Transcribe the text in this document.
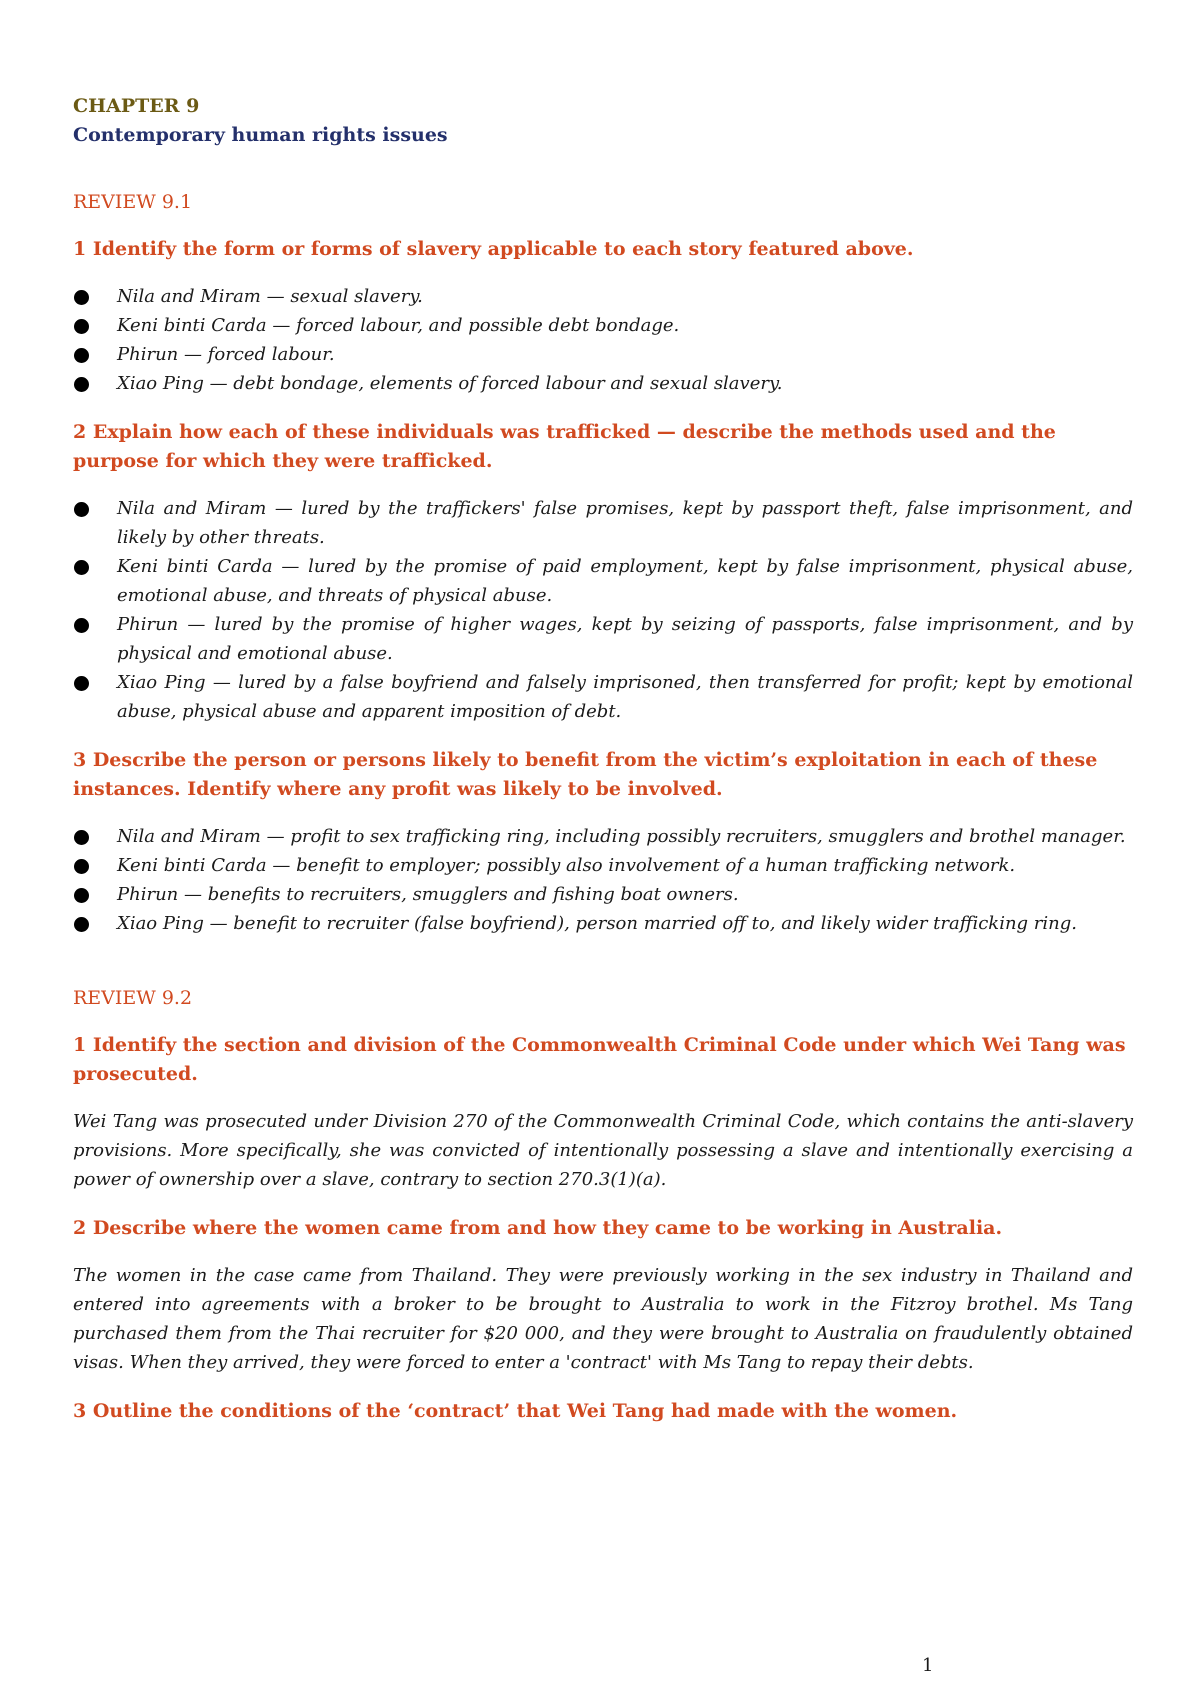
CHAPTER 9

Contemporary human rights issues

REVIEW 9.1

1 Identify the form or forms of slavery applicable to each story featured above.

Nila and Miram — sexual slavery.
Keni binti Carda — forced labour, and possible debt bondage.
Phirun — forced labour.
Xiao Ping — debt bondage, elements of forced labour and sexual slavery.

2 Explain how each of these individuals was trafficked — describe the methods used and the purpose for which they were trafficked.

Nila and Miram — lured by the traffickers' false promises, kept by passport theft, false imprisonment, and likely by other threats.
Keni binti Carda — lured by the promise of paid employment, kept by false imprisonment, physical abuse, emotional abuse, and threats of physical abuse.
Phirun — lured by the promise of higher wages, kept by seizing of passports, false imprisonment, and by physical and emotional abuse.
Xiao Ping — lured by a false boyfriend and falsely imprisoned, then transferred for profit; kept by emotional abuse, physical abuse and apparent imposition of debt.

3 Describe the person or persons likely to benefit from the victim’s exploitation in each of these instances. Identify where any profit was likely to be involved.

Nila and Miram — profit to sex trafficking ring, including possibly recruiters, smugglers and brothel manager.
Keni binti Carda — benefit to employer; possibly also involvement of a human trafficking network.
Phirun — benefits to recruiters, smugglers and fishing boat owners.
Xiao Ping — benefit to recruiter (false boyfriend), person married off to, and likely wider trafficking ring.

REVIEW 9.2

1 Identify the section and division of the Commonwealth Criminal Code under which Wei Tang was prosecuted.

Wei Tang was prosecuted under Division 270 of the Commonwealth Criminal Code, which contains the anti-slavery provisions. More specifically, she was convicted of intentionally possessing a slave and intentionally exercising a power of ownership over a slave, contrary to section 270.3(1)(a).

2 Describe where the women came from and how they came to be working in Australia.

The women in the case came from Thailand. They were previously working in the sex industry in Thailand and entered into agreements with a broker to be brought to Australia to work in the Fitzroy brothel. Ms Tang purchased them from the Thai recruiter for $20 000, and they were brought to Australia on fraudulently obtained visas. When they arrived, they were forced to enter a 'contract' with Ms Tang to repay their debts.

3 Outline the conditions of the ‘contract’ that Wei Tang had made with the women.

1
